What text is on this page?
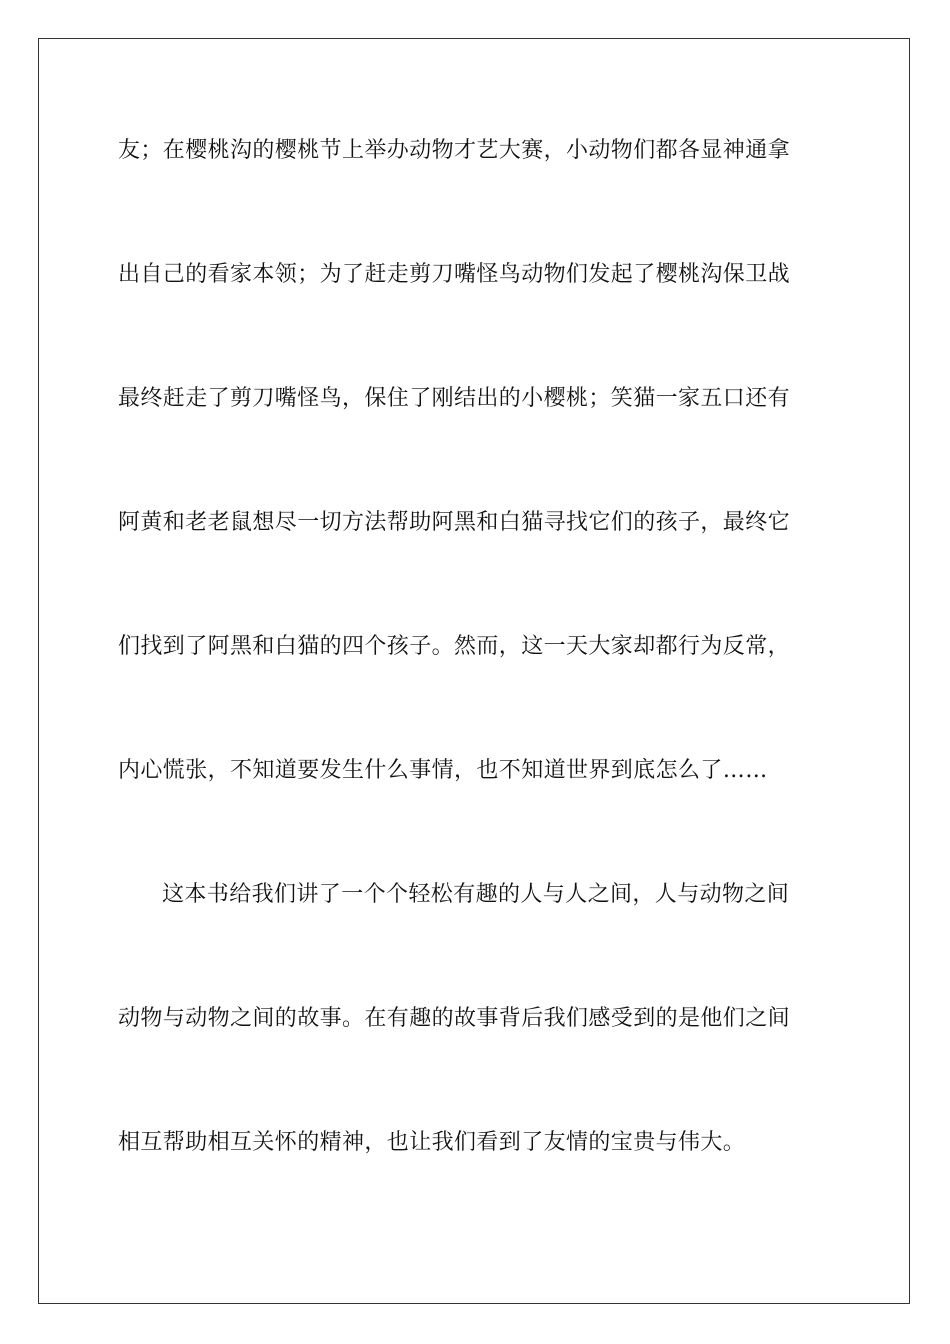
友；在樱桃沟的樱桃节上举办动物才艺大赛，小动物们都各显神通拿
出自己的看家本领；为了赶走剪刀嘴怪鸟动物们发起了樱桃沟保卫战
最终赶走了剪刀嘴怪鸟，保住了刚结出的小樱桃；笑猫一家五口还有
阿黄和老老鼠想尽一切方法帮助阿黑和白猫寻找它们的孩子，最终它
们找到了阿黑和白猫的四个孩子。然而，这一天大家却都行为反常，
内心慌张，不知道要发生什么事情，也不知道世界到底怎么了……
这本书给我们讲了一个个轻松有趣的人与人之间，人与动物之间
动物与动物之间的故事。在有趣的故事背后我们感受到的是他们之间
相互帮助相互关怀的精神，也让我们看到了友情的宝贵与伟大。
